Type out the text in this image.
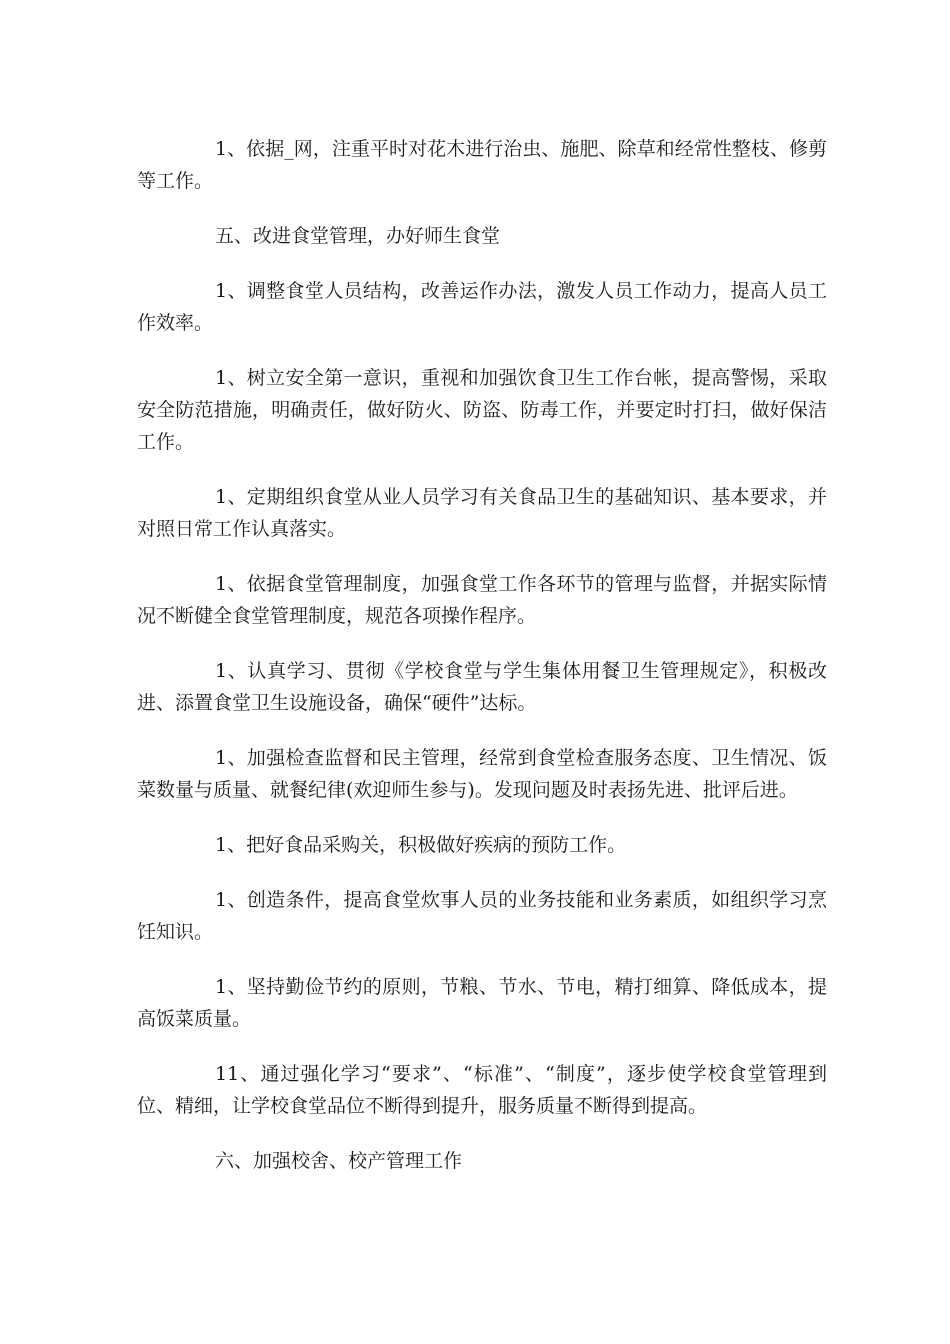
1、依据_网，注重平时对花木进行治虫、施肥、除草和经常性整枝、修剪等工作。

五、改进食堂管理，办好师生食堂

1、调整食堂人员结构，改善运作办法，激发人员工作动力，提高人员工作效率。

1、树立安全第一意识，重视和加强饮食卫生工作台帐，提高警惕，采取安全防范措施，明确责任，做好防火、防盗、防毒工作，并要定时打扫，做好保洁工作。

1、定期组织食堂从业人员学习有关食品卫生的基础知识、基本要求，并对照日常工作认真落实。

1、依据食堂管理制度，加强食堂工作各环节的管理与监督，并据实际情况不断健全食堂管理制度，规范各项操作程序。

1、认真学习、贯彻《学校食堂与学生集体用餐卫生管理规定》，积极改进、添置食堂卫生设施设备，确保“硬件”达标。

1、加强检查监督和民主管理，经常到食堂检查服务态度、卫生情况、饭菜数量与质量、就餐纪律(欢迎师生参与)。发现问题及时表扬先进、批评后进。

1、把好食品采购关，积极做好疾病的预防工作。

1、创造条件，提高食堂炊事人员的业务技能和业务素质，如组织学习烹饪知识。

1、坚持勤俭节约的原则，节粮、节水、节电，精打细算、降低成本，提高饭菜质量。

11、通过强化学习“要求”、“标准”、“制度”，逐步使学校食堂管理到位、精细，让学校食堂品位不断得到提升，服务质量不断得到提高。

六、加强校舍、校产管理工作
